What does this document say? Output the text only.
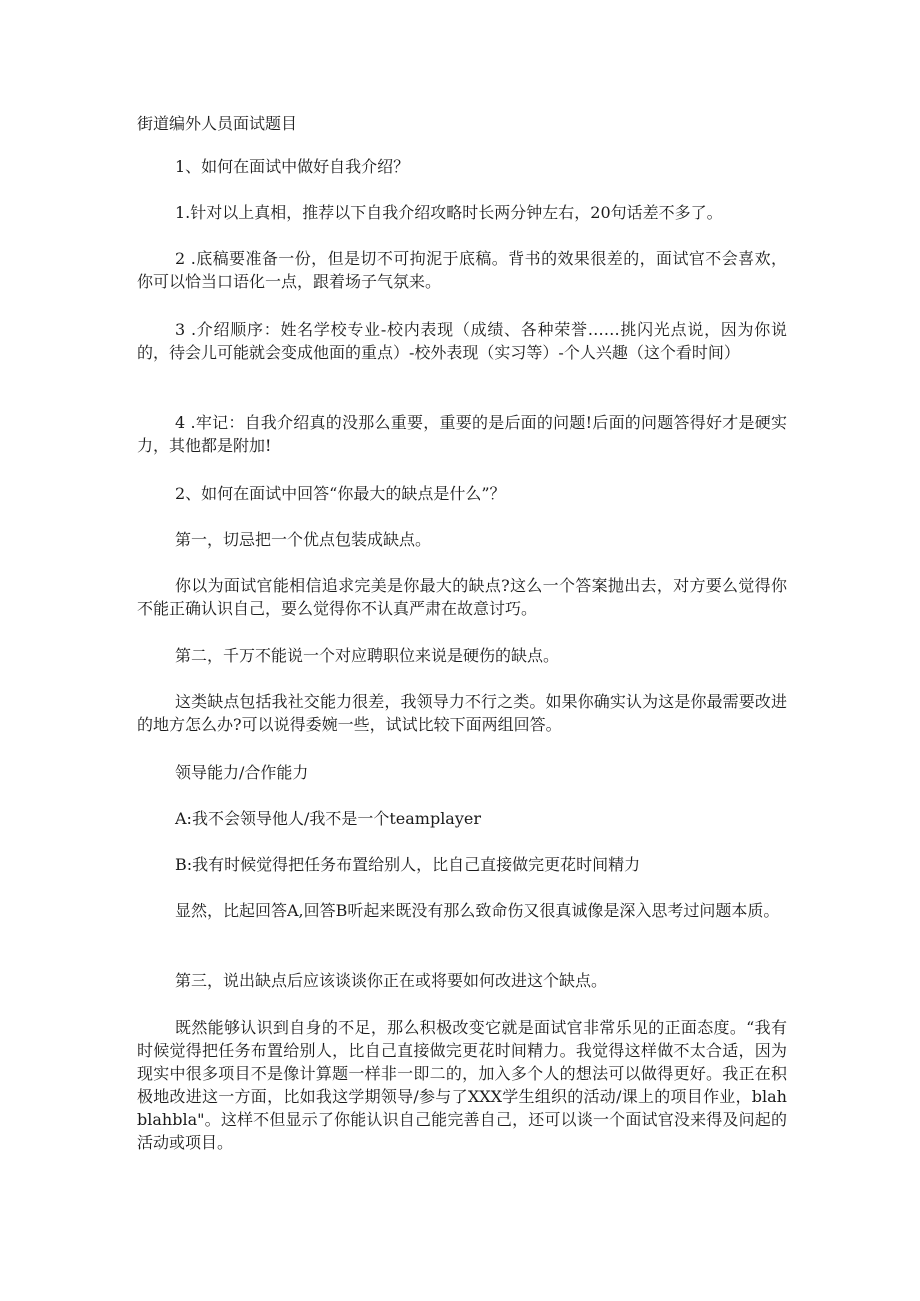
街道编外人员面试题目

1、如何在面试中做好自我介绍？

1.针对以上真相，推荐以下自我介绍攻略时长两分钟左右，20句话差不多了。

2 .底稿要准备一份，但是切不可拘泥于底稿。背书的效果很差的，面试官不会喜欢，你可以恰当口语化一点，跟着场子气氛来。

3 .介绍顺序：姓名学校专业-校内表现（成绩、各种荣誉……挑闪光点说，因为你说的，待会儿可能就会变成他面的重点）-校外表现（实习等）-个人兴趣（这个看时间）

4 .牢记：自我介绍真的没那么重要，重要的是后面的问题!后面的问题答得好才是硬实力，其他都是附加!

2、如何在面试中回答“你最大的缺点是什么”？

第一，切忌把一个优点包装成缺点。

你以为面试官能相信追求完美是你最大的缺点?这么一个答案抛出去，对方要么觉得你不能正确认识自己，要么觉得你不认真严肃在故意讨巧。

第二，千万不能说一个对应聘职位来说是硬伤的缺点。

这类缺点包括我社交能力很差，我领导力不行之类。如果你确实认为这是你最需要改进的地方怎么办?可以说得委婉一些，试试比较下面两组回答。

领导能力/合作能力

A:我不会领导他人/我不是一个teamplayer

B:我有时候觉得把任务布置给别人，比自己直接做完更花时间精力

显然，比起回答A,回答B听起来既没有那么致命伤又很真诚像是深入思考过问题本质。

第三，说出缺点后应该谈谈你正在或将要如何改进这个缺点。

既然能够认识到自身的不足，那么积极改变它就是面试官非常乐见的正面态度。“我有时候觉得把任务布置给别人，比自己直接做完更花时间精力。我觉得这样做不太合适，因为现实中很多项目不是像计算题一样非一即二的，加入多个人的想法可以做得更好。我正在积极地改进这一方面，比如我这学期领导/参与了XXX学生组织的活动/课上的项目作业，blahblahbla"。这样不但显示了你能认识自己能完善自己，还可以谈一个面试官没来得及问起的活动或项目。
